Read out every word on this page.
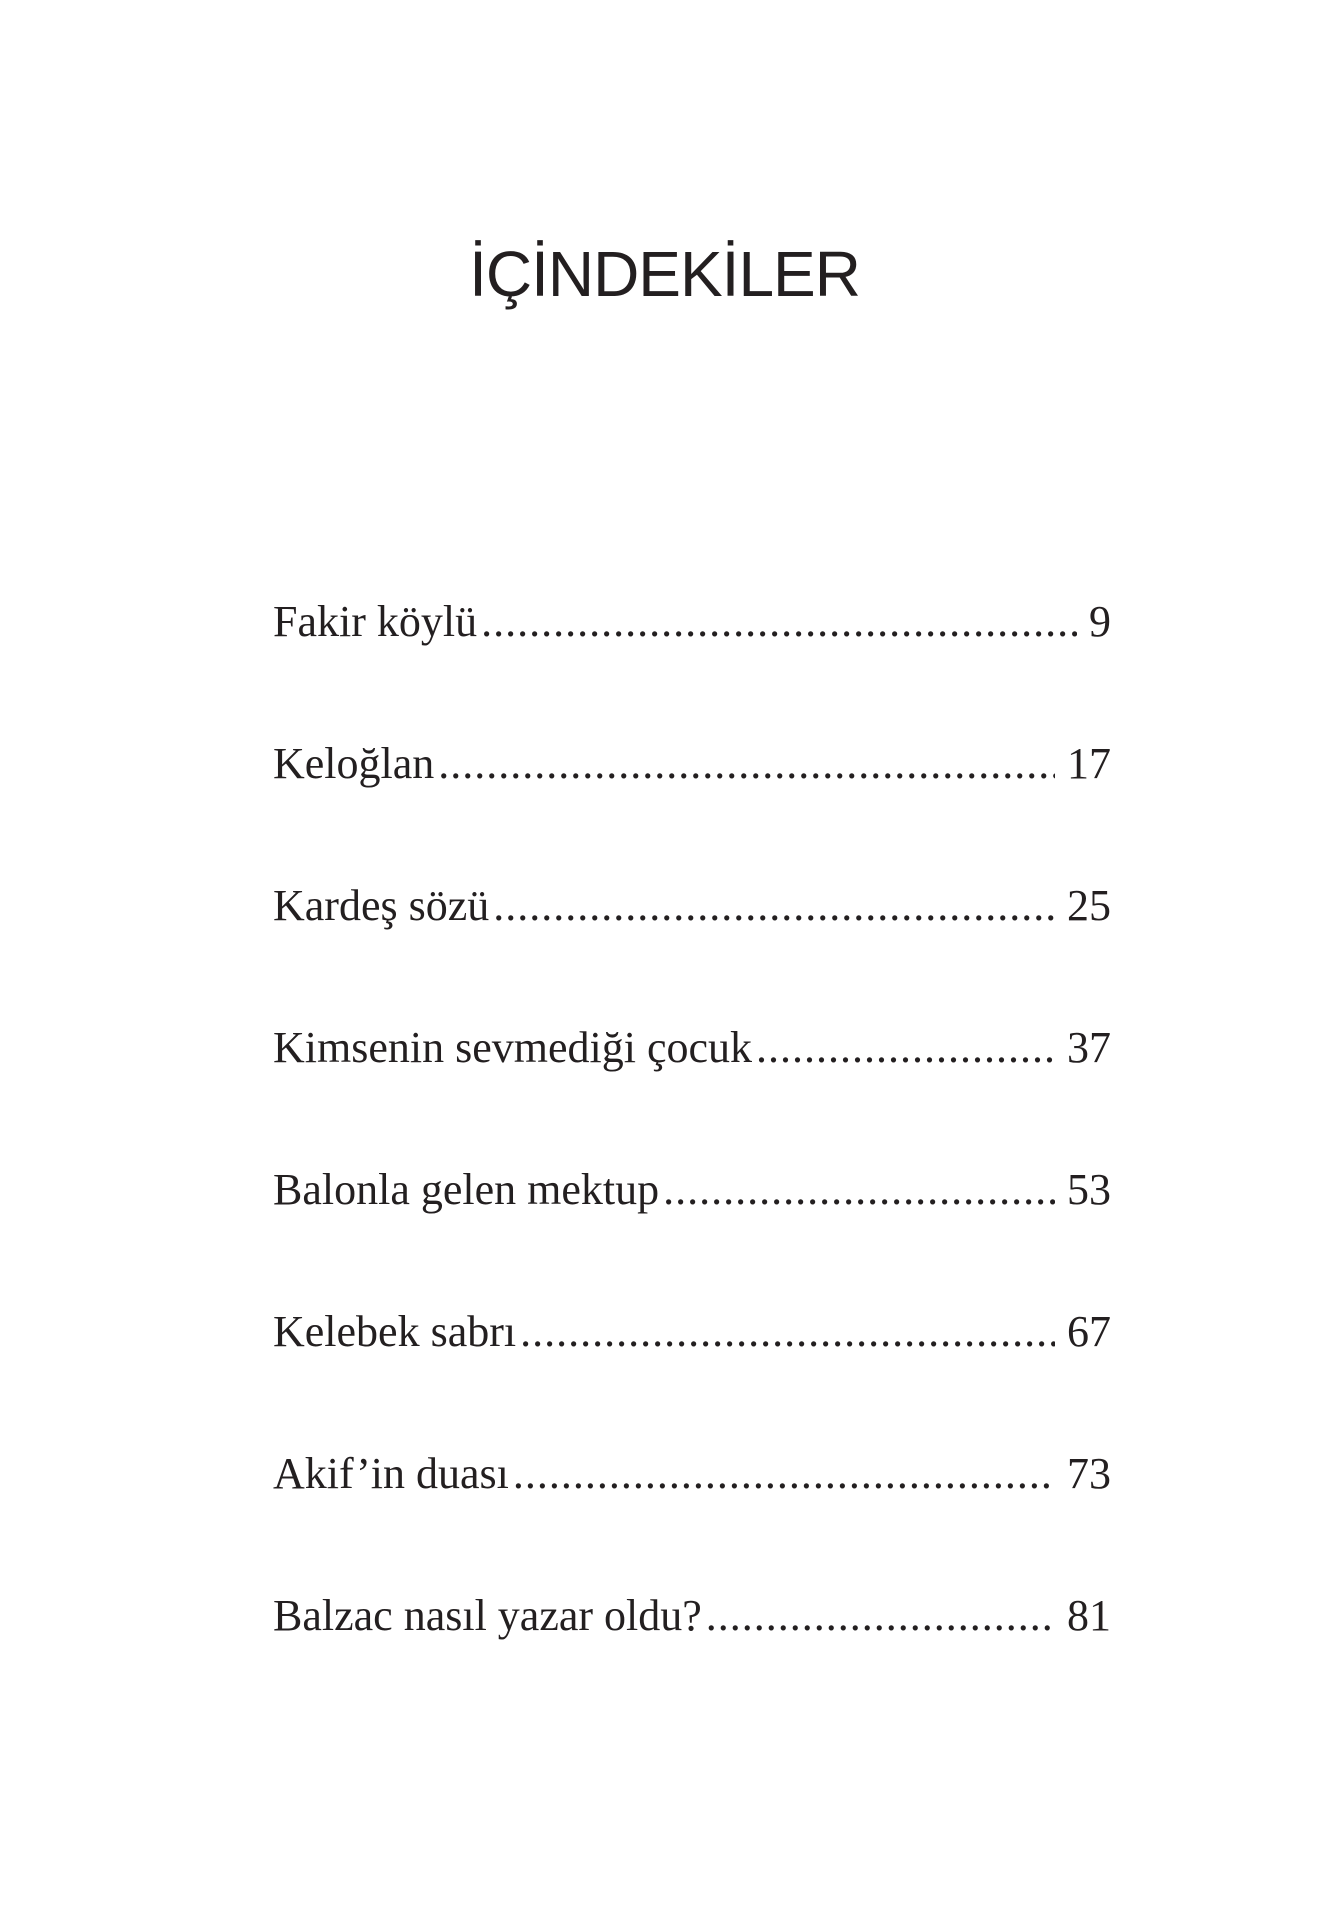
İÇİNDEKİLER
Fakir köylü .....	9
Keloğlan .....	17
Kardeş sözü .....	25
Kimsenin sevmediği çocuk .....	37
Balonla gelen mektup .....	53
Kelebek sabrı .....	67
Akif’in duası .....	73
Balzac nasıl yazar oldu? .....	81
